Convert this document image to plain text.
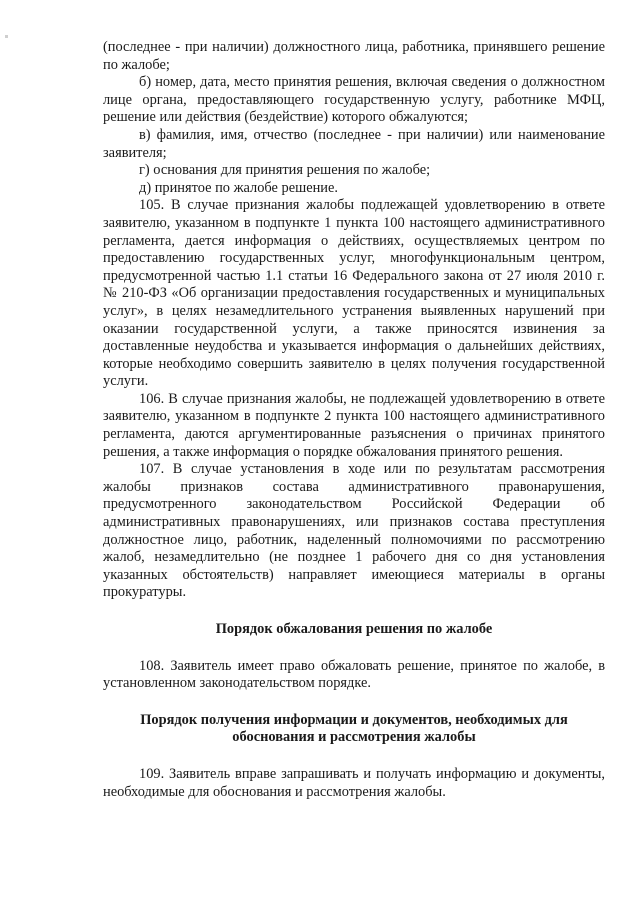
(последнее - при наличии) должностного лица, работника, принявшего решение по жалобе;

б) номер, дата, место принятия решения, включая сведения о должностном лице органа, предоставляющего государственную услугу, работнике МФЦ, решение или действия (бездействие) которого обжалуются;

в) фамилия, имя, отчество (последнее - при наличии) или наименование заявителя;

г) основания для принятия решения по жалобе;

д) принятое по жалобе решение.

105. В случае признания жалобы подлежащей удовлетворению в ответе заявителю, указанном в подпункте 1 пункта 100 настоящего административного регламента, дается информация о действиях, осуществляемых центром по предоставлению государственных услуг, многофункциональным центром, предусмотренной частью 1.1 статьи 16 Федерального закона от 27 июля 2010 г. № 210-ФЗ «Об организации предоставления государственных и муниципальных услуг», в целях незамедлительного устранения выявленных нарушений при оказании государственной услуги, а также приносятся извинения за доставленные неудобства и указывается информация о дальнейших действиях, которые необходимо совершить заявителю в целях получения государственной услуги.

106. В случае признания жалобы, не подлежащей удовлетворению в ответе заявителю, указанном в подпункте 2 пункта 100 настоящего административного регламента, даются аргументированные разъяснения о причинах принятого решения, а также информация о порядке обжалования принятого решения.

107. В случае установления в ходе или по результатам рассмотрения жалобы признаков состава административного правонарушения, предусмотренного законодательством Российской Федерации об административных правонарушениях, или признаков состава преступления должностное лицо, работник, наделенный полномочиями по рассмотрению жалоб, незамедлительно (не позднее 1 рабочего дня со дня установления указанных обстоятельств) направляет имеющиеся материалы в органы прокуратуры.

Порядок обжалования решения по жалобе

108. Заявитель имеет право обжаловать решение, принятое по жалобе, в установленном законодательством порядке.

Порядок получения информации и документов, необходимых для обоснования и рассмотрения жалобы

109. Заявитель вправе запрашивать и получать информацию и документы, необходимые для обоснования и рассмотрения жалобы.
